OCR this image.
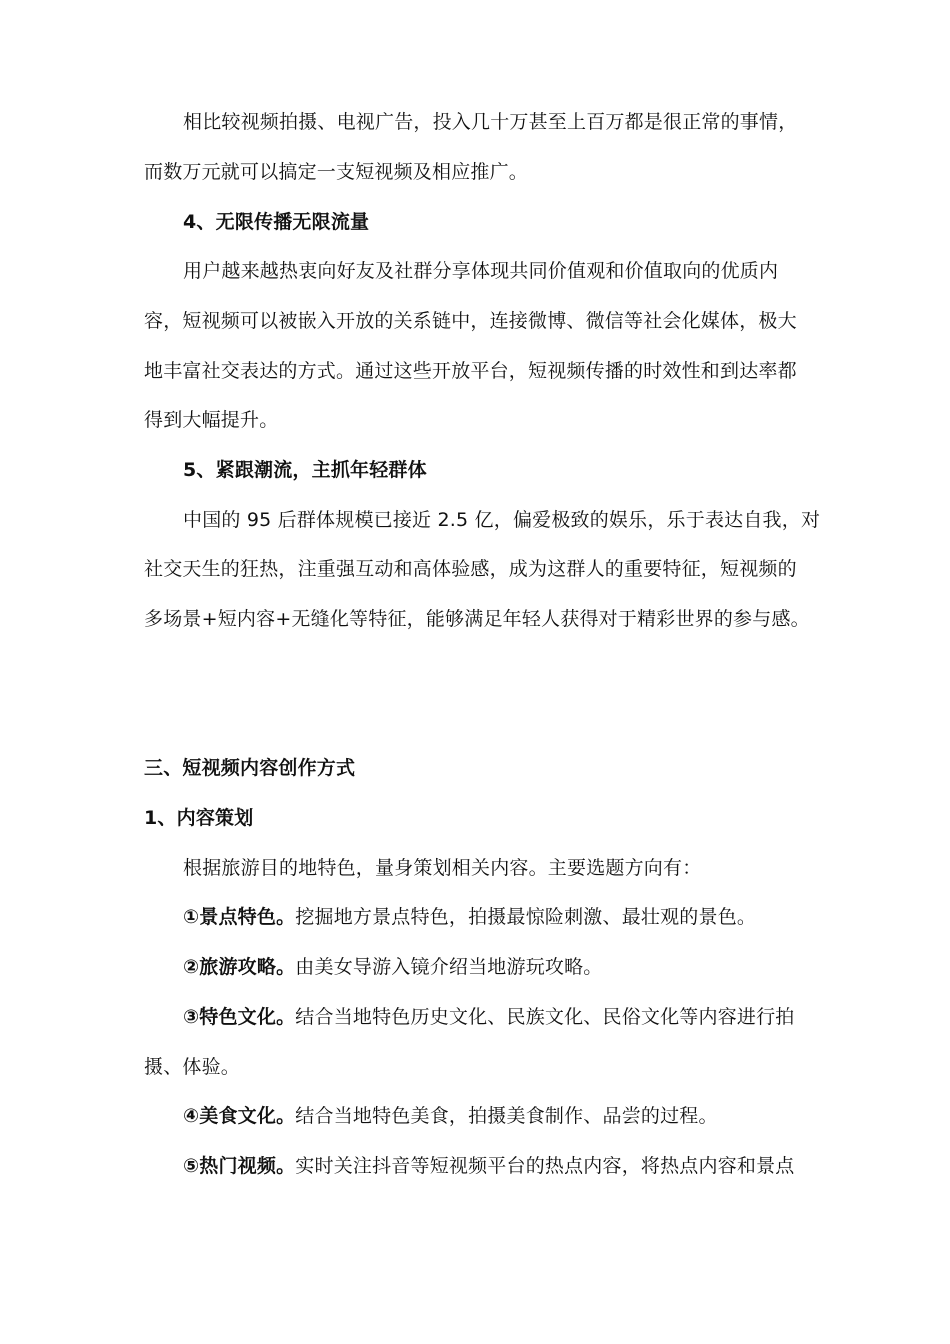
相比较视频拍摄、电视广告，投入几十万甚至上百万都是很正常的事情，
而数万元就可以搞定一支短视频及相应推广。
4、无限传播无限流量
用户越来越热衷向好友及社群分享体现共同价值观和价值取向的优质内
容，短视频可以被嵌入开放的关系链中，连接微博、微信等社会化媒体，极大
地丰富社交表达的方式。通过这些开放平台，短视频传播的时效性和到达率都
得到大幅提升。
5、紧跟潮流，主抓年轻群体
中国的 95 后群体规模已接近 2.5 亿，偏爱极致的娱乐，乐于表达自我，对
社交天生的狂热，注重强互动和高体验感，成为这群人的重要特征，短视频的
多场景+短内容+无缝化等特征，能够满足年轻人获得对于精彩世界的参与感。
三、短视频内容创作方式
1、内容策划
根据旅游目的地特色，量身策划相关内容。主要选题方向有：
①景点特色。挖掘地方景点特色，拍摄最惊险刺激、最壮观的景色。
②旅游攻略。由美女导游入镜介绍当地游玩攻略。
③特色文化。结合当地特色历史文化、民族文化、民俗文化等内容进行拍
摄、体验。
④美食文化。结合当地特色美食，拍摄美食制作、品尝的过程。
⑤热门视频。实时关注抖音等短视频平台的热点内容，将热点内容和景点
